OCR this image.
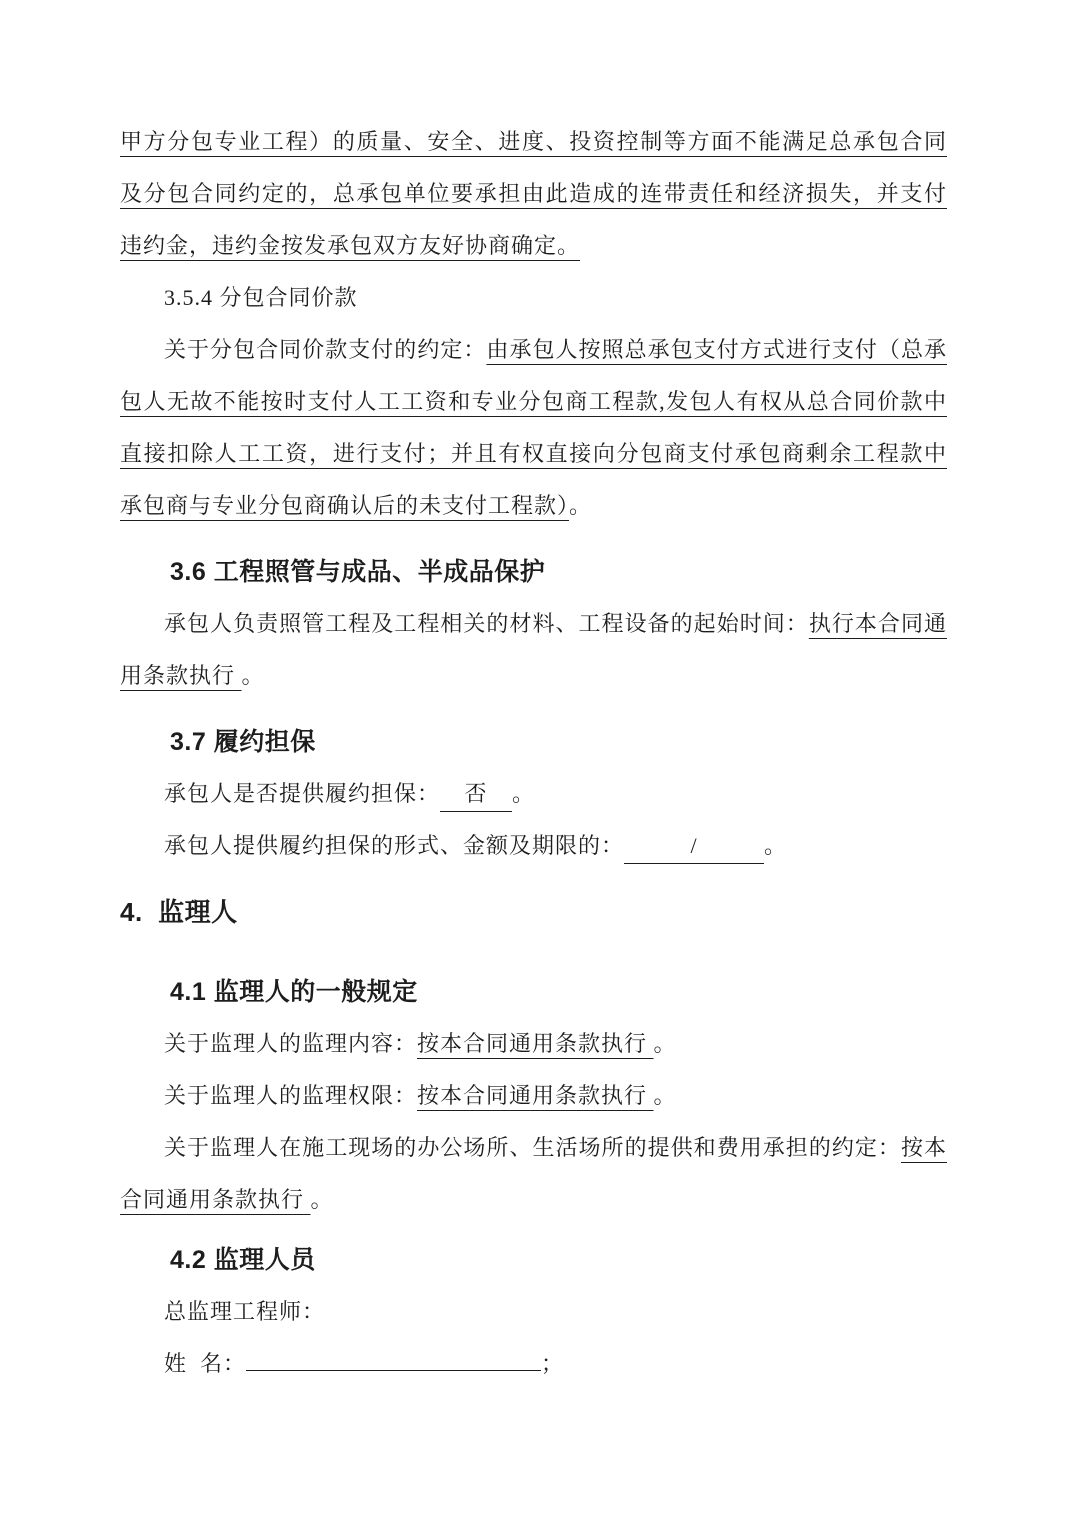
甲方分包专业工程）的质量、安全、进度、投资控制等方面不能满足总承包合同及分包合同约定的，总承包单位要承担由此造成的连带责任和经济损失，并支付违约金，违约金按发承包双方友好协商确定。

3.5.4 分包合同价款

关于分包合同价款支付的约定：由承包人按照总承包支付方式进行支付（总承包人无故不能按时支付人工工资和专业分包商工程款,发包人有权从总合同价款中直接扣除人工工资，进行支付；并且有权直接向分包商支付承包商剩余工程款中承包商与专业分包商确认后的未支付工程款）。

3.6 工程照管与成品、半成品保护

承包人负责照管工程及工程相关的材料、工程设备的起始时间：执行本合同通用条款执行 。

3.7 履约担保

承包人是否提供履约担保： 否 。

承包人提供履约担保的形式、金额及期限的：	/	。

4.  监理人

4.1 监理人的一般规定

关于监理人的监理内容：按本合同通用条款执行 。

关于监理人的监理权限：按本合同通用条款执行 。

关于监理人在施工现场的办公场所、生活场所的提供和费用承担的约定：按本合同通用条款执行 。

4.2 监理人员

总监理工程师：

姓  名：	；
